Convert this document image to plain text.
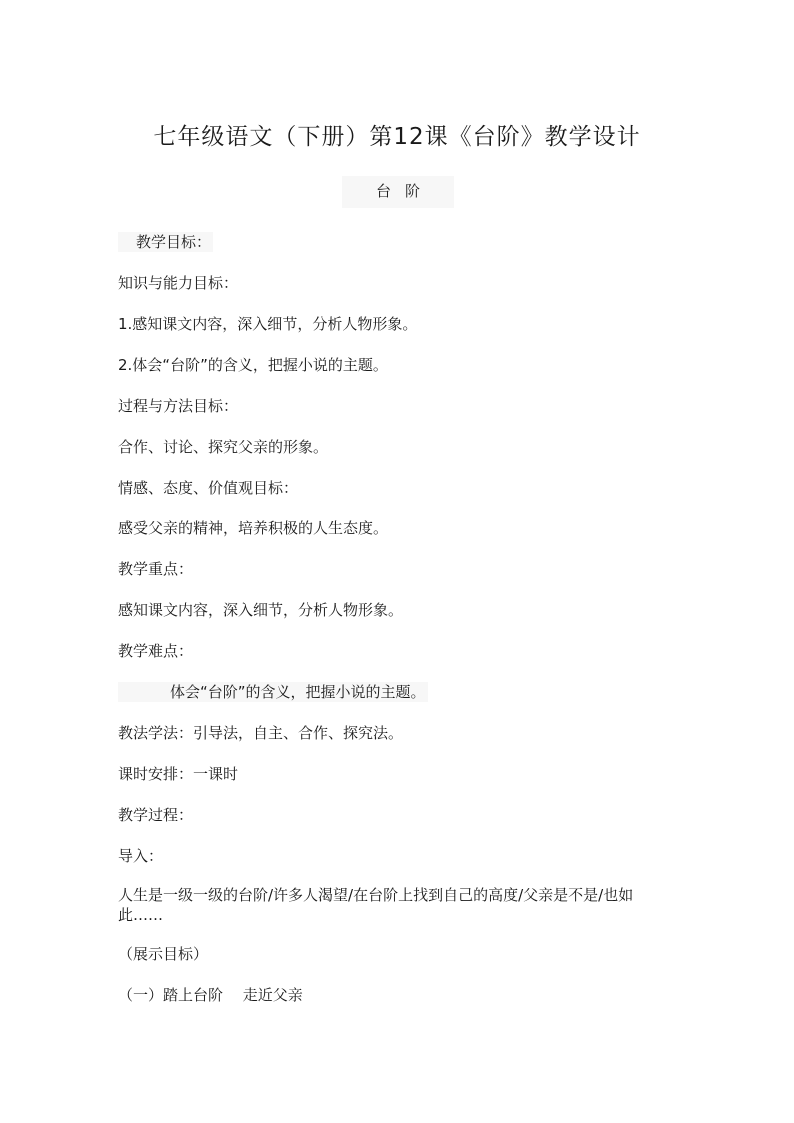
七年级语文（下册）第12课《台阶》教学设计
台阶
教学目标：
知识与能力目标：
1.感知课文内容，深入细节，分析人物形象。
2.体会“台阶”的含义，把握小说的主题。
过程与方法目标：
合作、讨论、探究父亲的形象。
情感、态度、价值观目标：
感受父亲的精神，培养积极的人生态度。
教学重点：
感知课文内容，深入细节，分析人物形象。
教学难点：
体会“台阶”的含义，把握小说的主题。
教法学法：引导法，自主、合作、探究法。
课时安排：一课时
教学过程：
导入：
人生是一级一级的台阶/许多人渴望/在台阶上找到自己的高度/父亲是不是/也如此……
（展示目标）
（一）踏上台阶　 走近父亲
